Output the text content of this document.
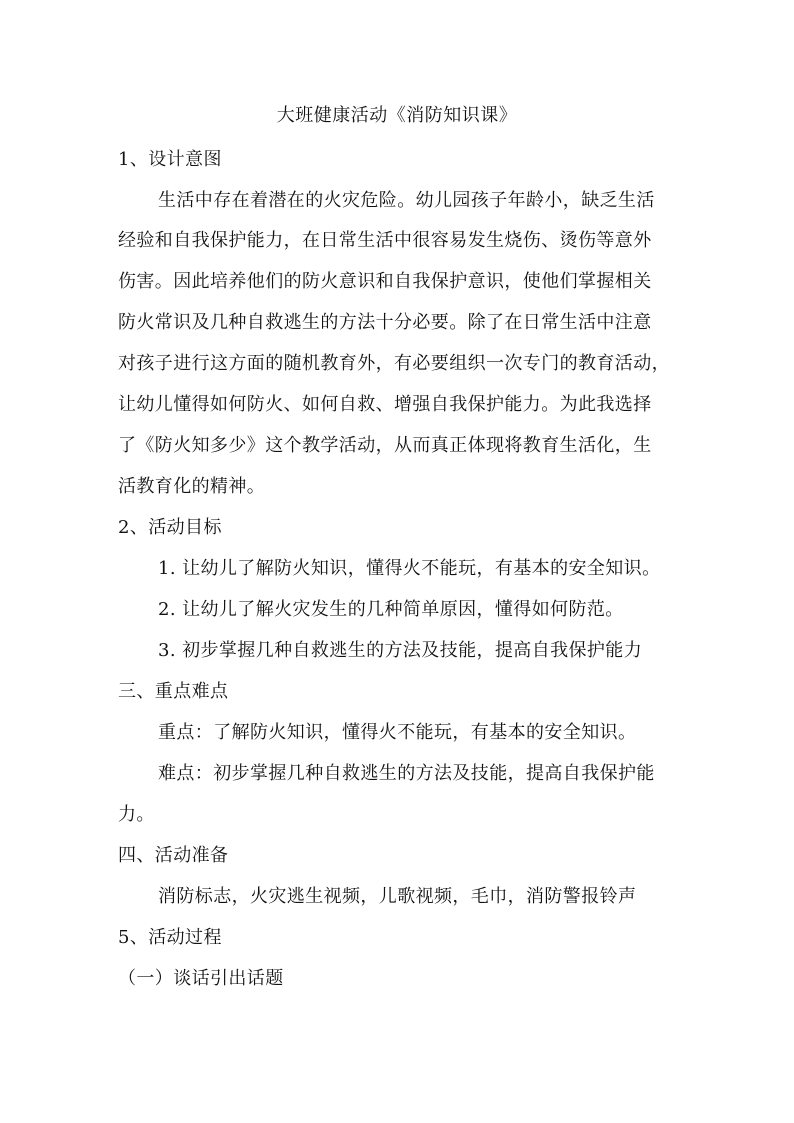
大班健康活动《消防知识课》
1、设计意图
生活中存在着潜在的火灾危险。幼儿园孩子年龄小，缺乏生活
经验和自我保护能力，在日常生活中很容易发生烧伤、烫伤等意外
伤害。因此培养他们的防火意识和自我保护意识，使他们掌握相关
防火常识及几种自救逃生的方法十分必要。除了在日常生活中注意
对孩子进行这方面的随机教育外，有必要组织一次专门的教育活动，
让幼儿懂得如何防火、如何自救、增强自我保护能力。为此我选择
了《防火知多少》这个教学活动，从而真正体现将教育生活化，生
活教育化的精神。
2、活动目标
1. 让幼儿了解防火知识，懂得火不能玩，有基本的安全知识。
2. 让幼儿了解火灾发生的几种简单原因，懂得如何防范。
3. 初步掌握几种自救逃生的方法及技能，提高自我保护能力
三、重点难点
重点：了解防火知识，懂得火不能玩，有基本的安全知识。
难点：初步掌握几种自救逃生的方法及技能，提高自我保护能
力。
四、活动准备
消防标志，火灾逃生视频，儿歌视频，毛巾，消防警报铃声
5、活动过程
（一）谈话引出话题
